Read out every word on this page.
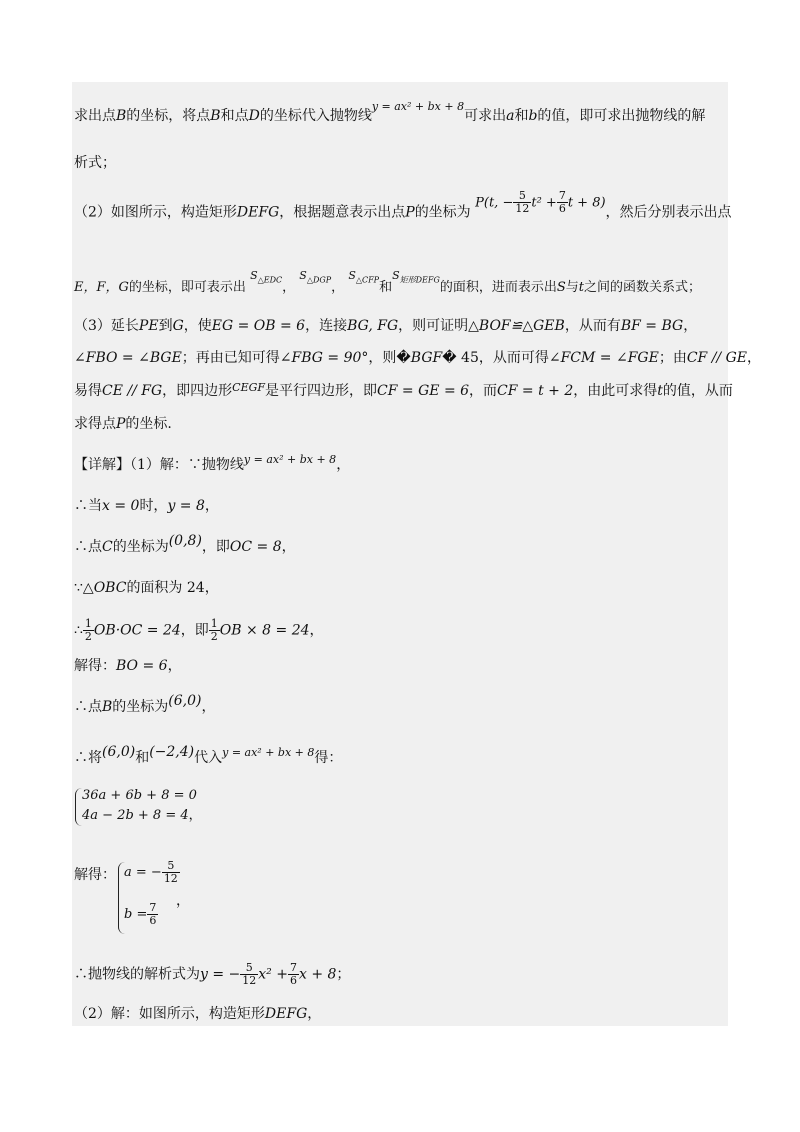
求出点B的坐标，将点B和点D的坐标代入抛物线$^{y = ax^2 + bx + 8}$可求出a和b的值，即可求出抛物线的解
析式；
（2）如图所示，构造矩形DEFG，根据题意表示出点P的坐标为 P(t, − $\frac{5}{12} t^2 + \frac{7}{6}$ t + 8)，然后分别表示出点
E，F，G的坐标，即可表示出 $S_{\triangle EDC}$， $S_{\triangle DGP}$， $S_{\triangle CFP}$和$S_{矩形DEFG}$的面积，进而表示出S与t之间的函数关系式；
（3）延长PE到G，使EG = OB = 6，连接BG, FG，则可证明△BOF≌△GEB，从而有BF = BG，
∠FBO = ∠BGE；再由已知可得∠FBG = 90°，则�BGF� 45，从而可得∠FCM = ∠FGE；由CF // GE，
易得CE // FG，即四边形$^{CEGF}$是平行四边形，即CF = GE = 6，而CF = t + 2，由此可求得t的值，从而
求得点P的坐标.
【详解】（1）解：∵抛物线$^{y = ax^2 + bx + 8}$，
∴当x = 0时，y = 8，
∴点C的坐标为(0,8)，即OC = 8，
∵△OBC的面积为 24，
∴ $\frac{1}{2} OB\cdot OC = 24$，即 $\frac{1}{2}$ OB × 8 = 24，
解得：BO = 6，
∴点B的坐标为(6,0)，
∴将(6,0)和(−2,4)代入$^{y = ax^2 + bx + 8}$得：
36a + 6b + 8 = 0
4a − 2b + 8 = 4，
解得： a = − $\frac{5}{12}$
$b = \frac{7}{6}$
，
∴抛物线的解析式为y = − $\frac{5}{12} x^2 + \frac{7}{6}$ x + 8；
（2）解：如图所示，构造矩形DEFG，
